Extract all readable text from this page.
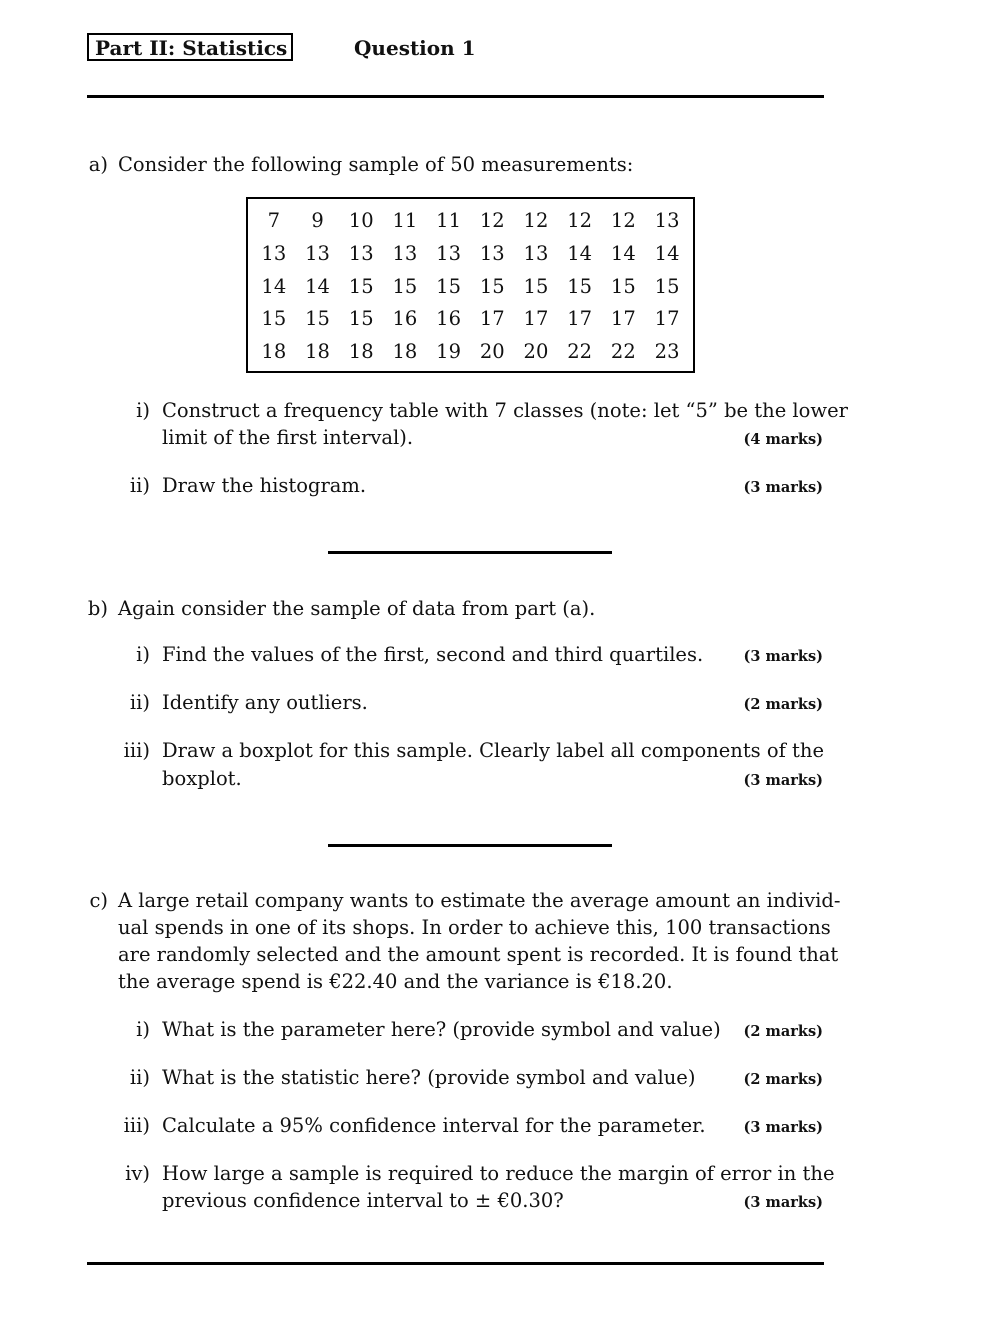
Part II: Statistics	Question 1
a) Consider the following sample of 50 measurements:
7	9	10	11	11	12	12	12	12	13
13	13	13	13	13	13	13	14	14	14
14	14	15	15	15	15	15	15	15	15
15	15	15	16	16	17	17	17	17	17
18	18	18	18	19	20	20	22	22	23
i) Construct a frequency table with 7 classes (note: let “5” be the lower
limit of the first interval).	(4 marks)
ii) Draw the histogram.	(3 marks)
b) Again consider the sample of data from part (a).
i) Find the values of the first, second and third quartiles.	(3 marks)
ii) Identify any outliers.	(2 marks)
iii) Draw a boxplot for this sample. Clearly label all components of the
boxplot.	(3 marks)
c) A large retail company wants to estimate the average amount an individ-
ual spends in one of its shops. In order to achieve this, 100 transactions
are randomly selected and the amount spent is recorded. It is found that
the average spend is €22.40 and the variance is €18.20.
i) What is the parameter here? (provide symbol and value) (2 marks)
ii) What is the statistic here? (provide symbol and value)	(2 marks)
iii) Calculate a 95% confidence interval for the parameter.	(3 marks)
iv) How large a sample is required to reduce the margin of error in the
previous confidence interval to ± €0.30?	(3 marks)
